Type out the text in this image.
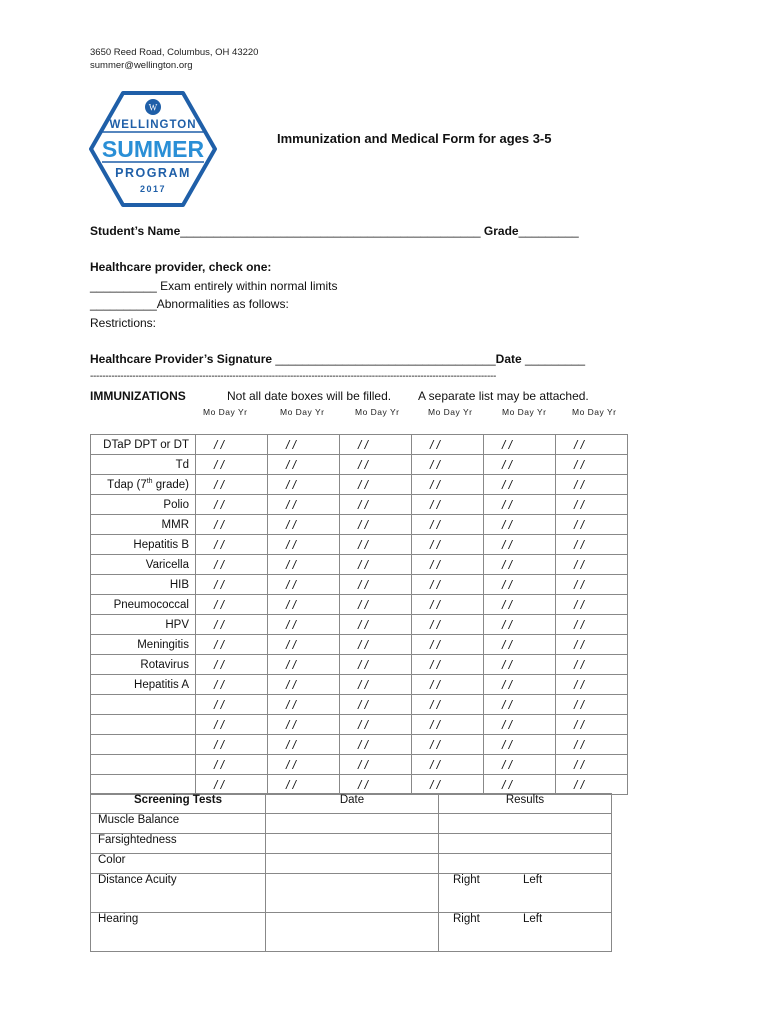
3650 Reed Road, Columbus, OH 43220
summer@wellington.org
W
WELLINGTON
SUMMER
PROGRAM
2017
Immunization and Medical Form for ages 3-5
Student’s Name_____________________________________________ Grade_________
Healthcare provider, check one:
__________ Exam entirely within normal limits
__________Abnormalities as follows:
Restrictions:
Healthcare Provider’s Signature _________________________________Date _________
--------------------------------------------------------------------------------------------------------------------------------------
IMMUNIZATIONS	Not all date boxes will be filled. A separate list may be attached.
Mo Day Yr	Mo Day Yr	Mo Day Yr	Mo Day Yr	Mo Day Yr	Mo Day Yr
DTaP DPT or DT	/ /	/ /	/ /	/ /	/ /	/ /
Td	/ /	/ /	/ /	/ /	/ /	/ /
Tdap (7th grade)	/ /	/ /	/ /	/ /	/ /	/ /
Polio	/ /	/ /	/ /	/ /	/ /	/ /
MMR	/ /	/ /	/ /	/ /	/ /	/ /
Hepatitis B	/ /	/ /	/ /	/ /	/ /	/ /
Varicella	/ /	/ /	/ /	/ /	/ /	/ /
HIB	/ /	/ /	/ /	/ /	/ /	/ /
Pneumococcal	/ /	/ /	/ /	/ /	/ /	/ /
HPV	/ /	/ /	/ /	/ /	/ /	/ /
Meningitis	/ /	/ /	/ /	/ /	/ /	/ /
Rotavirus	/ /	/ /	/ /	/ /	/ /	/ /
Hepatitis A	/ /	/ /	/ /	/ /	/ /	/ /
	/ /	/ /	/ /	/ /	/ /	/ /
	/ /	/ /	/ /	/ /	/ /	/ /
	/ /	/ /	/ /	/ /	/ /	/ /
	/ /	/ /	/ /	/ /	/ /	/ /
	/ /	/ /	/ /	/ /	/ /	/ /
Screening Tests	Date	Results
Muscle Balance		
Farsightedness		
Color		
Distance Acuity		Right Left
Hearing		Right Left
